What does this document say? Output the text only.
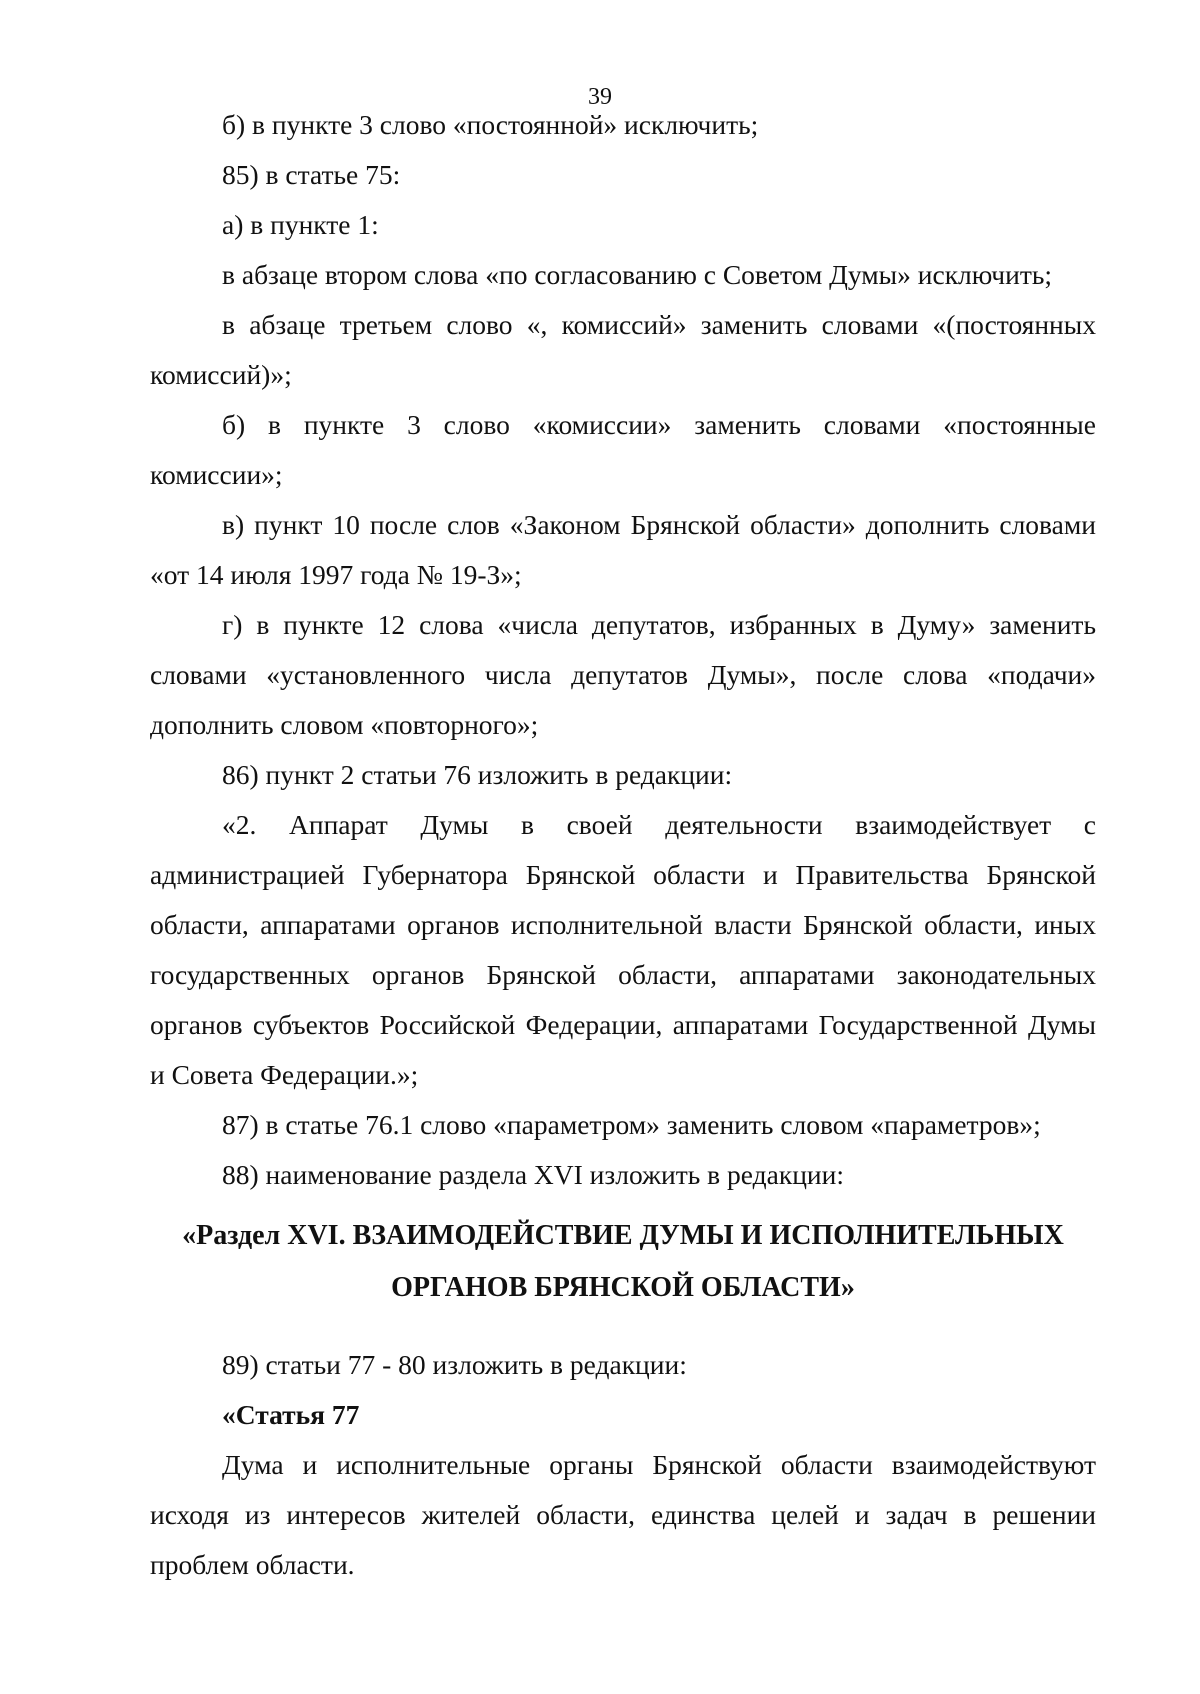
39

б) в пункте 3 слово «постоянной» исключить;

85) в статье 75:

а) в пункте 1:

в абзаце втором слова «по согласованию с Советом Думы» исключить;

в абзаце третьем слово «, комиссий» заменить словами «(постоянных комиссий)»;

б) в пункте 3 слово «комиссии» заменить словами «постоянные комиссии»;

в) пункт 10 после слов «Законом Брянской области» дополнить словами «от 14 июля 1997 года № 19-З»;

г) в пункте 12 слова «числа депутатов, избранных в Думу» заменить словами «установленного числа депутатов Думы», после слова «подачи» дополнить словом «повторного»;

86) пункт 2 статьи 76 изложить в редакции:

«2. Аппарат Думы в своей деятельности взаимодействует с администрацией Губернатора Брянской области и Правительства Брянской области, аппаратами органов исполнительной власти Брянской области, иных государственных органов Брянской области, аппаратами законодательных органов субъектов Российской Федерации, аппаратами Государственной Думы и Совета Федерации.»;

87) в статье 76.1 слово «параметром» заменить словом «параметров»;

88) наименование раздела XVI изложить в редакции:

«Раздел XVI. ВЗАИМОДЕЙСТВИЕ ДУМЫ И ИСПОЛНИТЕЛЬНЫХ
ОРГАНОВ БРЯНСКОЙ ОБЛАСТИ»

89) статьи 77 - 80 изложить в редакции:

«Статья 77

Дума и исполнительные органы Брянской области взаимодействуют исходя из интересов жителей области, единства целей и задач в решении проблем области.
